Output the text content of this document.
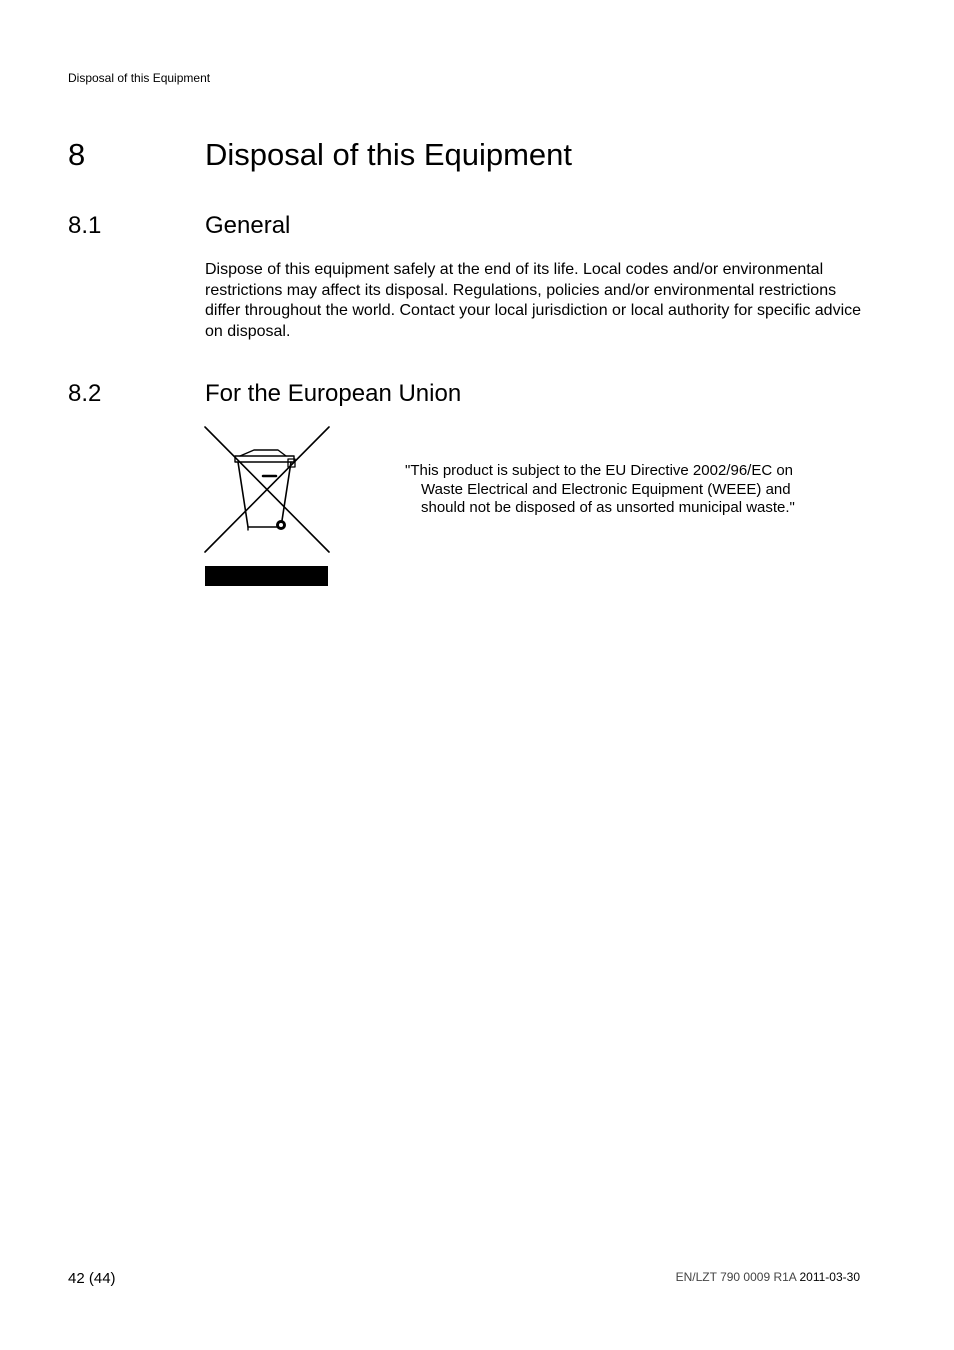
Disposal of this Equipment
8	Disposal of this Equipment
8.1	General

Dispose of this equipment safely at the end of its life. Local codes and/or environmental restrictions may affect its disposal. Regulations, policies and/or environmental restrictions differ throughout the world. Contact your local jurisdiction or local authority for specific advice on disposal.

8.2	For the European Union
"This product is subject to the EU Directive 2002/96/EC on
Waste Electrical and Electronic Equipment (WEEE) and
should not be disposed of as unsorted municipal waste."
42 (44)	EN/LZT 790 0009 R1A 2011-03-30
